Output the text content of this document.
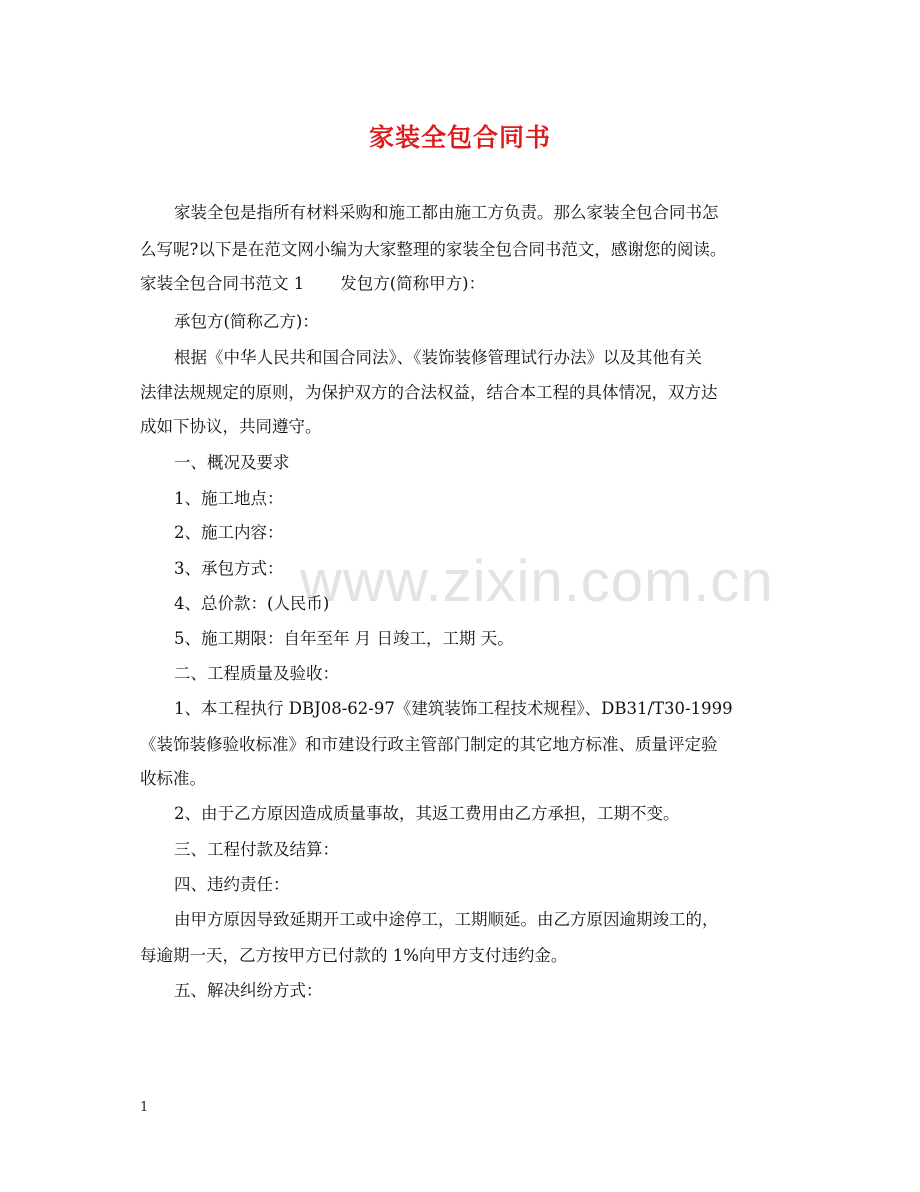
www.zixin.com.cn
家装全包合同书

家装全包是指所有材料采购和施工都由施工方负责。那么家装全包合同书怎

么写呢?以下是在范文网小编为大家整理的家装全包合同书范文，感谢您的阅读。

家装全包合同书范文 1 发包方(简称甲方)：

承包方(简称乙方)：

根据《中华人民共和国合同法》、《装饰装修管理试行办法》以及其他有关

法律法规规定的原则，为保护双方的合法权益，结合本工程的具体情况，双方达

成如下协议，共同遵守。

一、概况及要求

1、施工地点：

2、施工内容：

3、承包方式：

4、总价款：(人民币)

5、施工期限：自年至年 月 日竣工，工期 天。

二、工程质量及验收：

1、本工程执行 DBJ08-62-97《建筑装饰工程技术规程》、DB31/T30-1999

《装饰装修验收标准》和市建设行政主管部门制定的其它地方标准、质量评定验

收标准。

2、由于乙方原因造成质量事故，其返工费用由乙方承担，工期不变。

三、工程付款及结算：

四、违约责任：

由甲方原因导致延期开工或中途停工，工期顺延。由乙方原因逾期竣工的，

每逾期一天，乙方按甲方已付款的 1%向甲方支付违约金。

五、解决纠纷方式：

1
